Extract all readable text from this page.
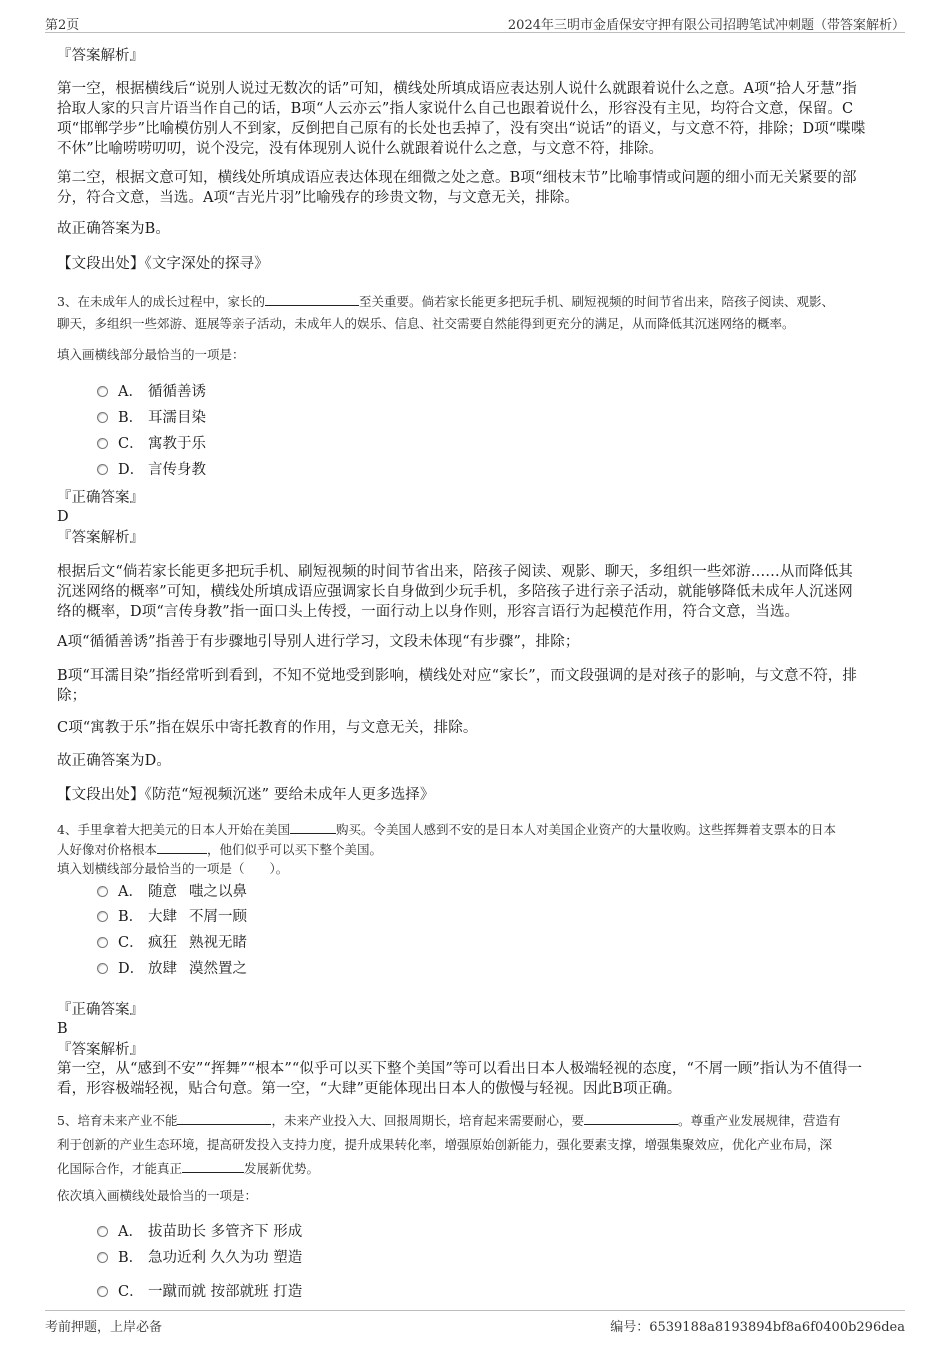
第2页	2024年三明市金盾保安守押有限公司招聘笔试冲刺题（带答案解析）
『答案解析』
第一空，根据横线后“说别人说过无数次的话”可知，横线处所填成语应表达别人说什么就跟着说什么之意。A项“拾人牙慧”指
拾取人家的只言片语当作自己的话，B项“人云亦云”指人家说什么自己也跟着说什么，形容没有主见，均符合文意，保留。C
项“邯郸学步”比喻模仿别人不到家，反倒把自己原有的长处也丢掉了，没有突出“说话”的语义，与文意不符，排除；D项“喋喋
不休”比喻唠唠叨叨，说个没完，没有体现别人说什么就跟着说什么之意，与文意不符，排除。
第二空，根据文意可知，横线处所填成语应表达体现在细微之处之意。B项“细枝末节”比喻事情或问题的细小而无关紧要的部
分，符合文意，当选。A项“吉光片羽”比喻残存的珍贵文物，与文意无关，排除。
故正确答案为B。
【文段出处】《文字深处的探寻》
3、在未成年人的成长过程中，家长的	至关重要。倘若家长能更多把玩手机、刷短视频的时间节省出来，陪孩子阅读、观影、
聊天，多组织一些郊游、逛展等亲子活动，未成年人的娱乐、信息、社交需要自然能得到更充分的满足，从而降低其沉迷网络的概率。
填入画横线部分最恰当的一项是：
A． 循循善诱
B． 耳濡目染
C． 寓教于乐
D． 言传身教
『正确答案』
D
『答案解析』
根据后文“倘若家长能更多把玩手机、刷短视频的时间节省出来，陪孩子阅读、观影、聊天，多组织一些郊游……从而降低其
沉迷网络的概率”可知，横线处所填成语应强调家长自身做到少玩手机，多陪孩子进行亲子活动，就能够降低未成年人沉迷网
络的概率，D项“言传身教”指一面口头上传授，一面行动上以身作则，形容言语行为起模范作用，符合文意，当选。
A项“循循善诱”指善于有步骤地引导别人进行学习，文段未体现“有步骤”，排除；
B项“耳濡目染”指经常听到看到，不知不觉地受到影响，横线处对应“家长”，而文段强调的是对孩子的影响，与文意不符，排
除；
C项“寓教于乐”指在娱乐中寄托教育的作用，与文意无关，排除。
故正确答案为D。
【文段出处】《防范“短视频沉迷” 要给未成年人更多选择》
4、手里拿着大把美元的日本人开始在美国	购买。令美国人感到不安的是日本人对美国企业资产的大量收购。这些挥舞着支票本的日本
人好像对价格根本	，他们似乎可以买下整个美国。
填入划横线部分最恰当的一项是（　　）。
A． 随意 嗤之以鼻
B． 大肆 不屑一顾
C． 疯狂 熟视无睹
D． 放肆 漠然置之
『正确答案』
B
『答案解析』
第一空，从“感到不安”“挥舞”“根本”“似乎可以买下整个美国”等可以看出日本人极端轻视的态度，“不屑一顾”指认为不值得一
看，形容极端轻视，贴合句意。第一空，“大肆”更能体现出日本人的傲慢与轻视。因此B项正确。
5、培育未来产业不能	，未来产业投入大、回报周期长，培育起来需要耐心，要	。尊重产业发展规律，营造有
利于创新的产业生态环境，提高研发投入支持力度，提升成果转化率，增强原始创新能力，强化要素支撑，增强集聚效应，优化产业布局，深
化国际合作，才能真正	发展新优势。
依次填入画横线处最恰当的一项是：
A． 拔苗助长 多管齐下 形成
B． 急功近利 久久为功 塑造
C． 一蹴而就 按部就班 打造
考前押题，上岸必备	编号：6539188a8193894bf8a6f0400b296dea
